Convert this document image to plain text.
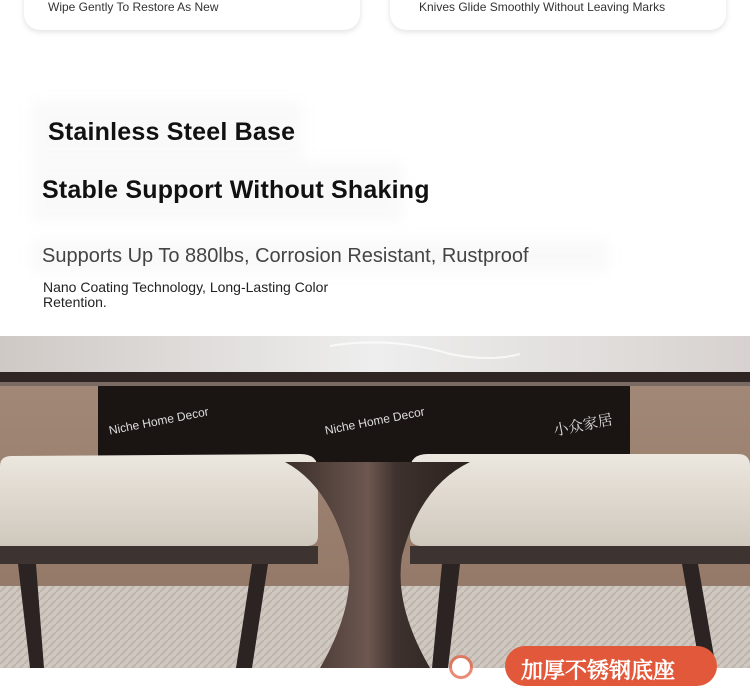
Wipe Gently To Restore As New	Knives Glide Smoothly Without Leaving Marks
Stainless Steel Base
Stable Support Without Shaking

Supports Up To 880lbs, Corrosion Resistant, Rustproof

Nano Coating Technology, Long-Lasting Color Retention.

Niche Home Decor	Niche Home Decor	小众家居
加厚不锈钢底座
